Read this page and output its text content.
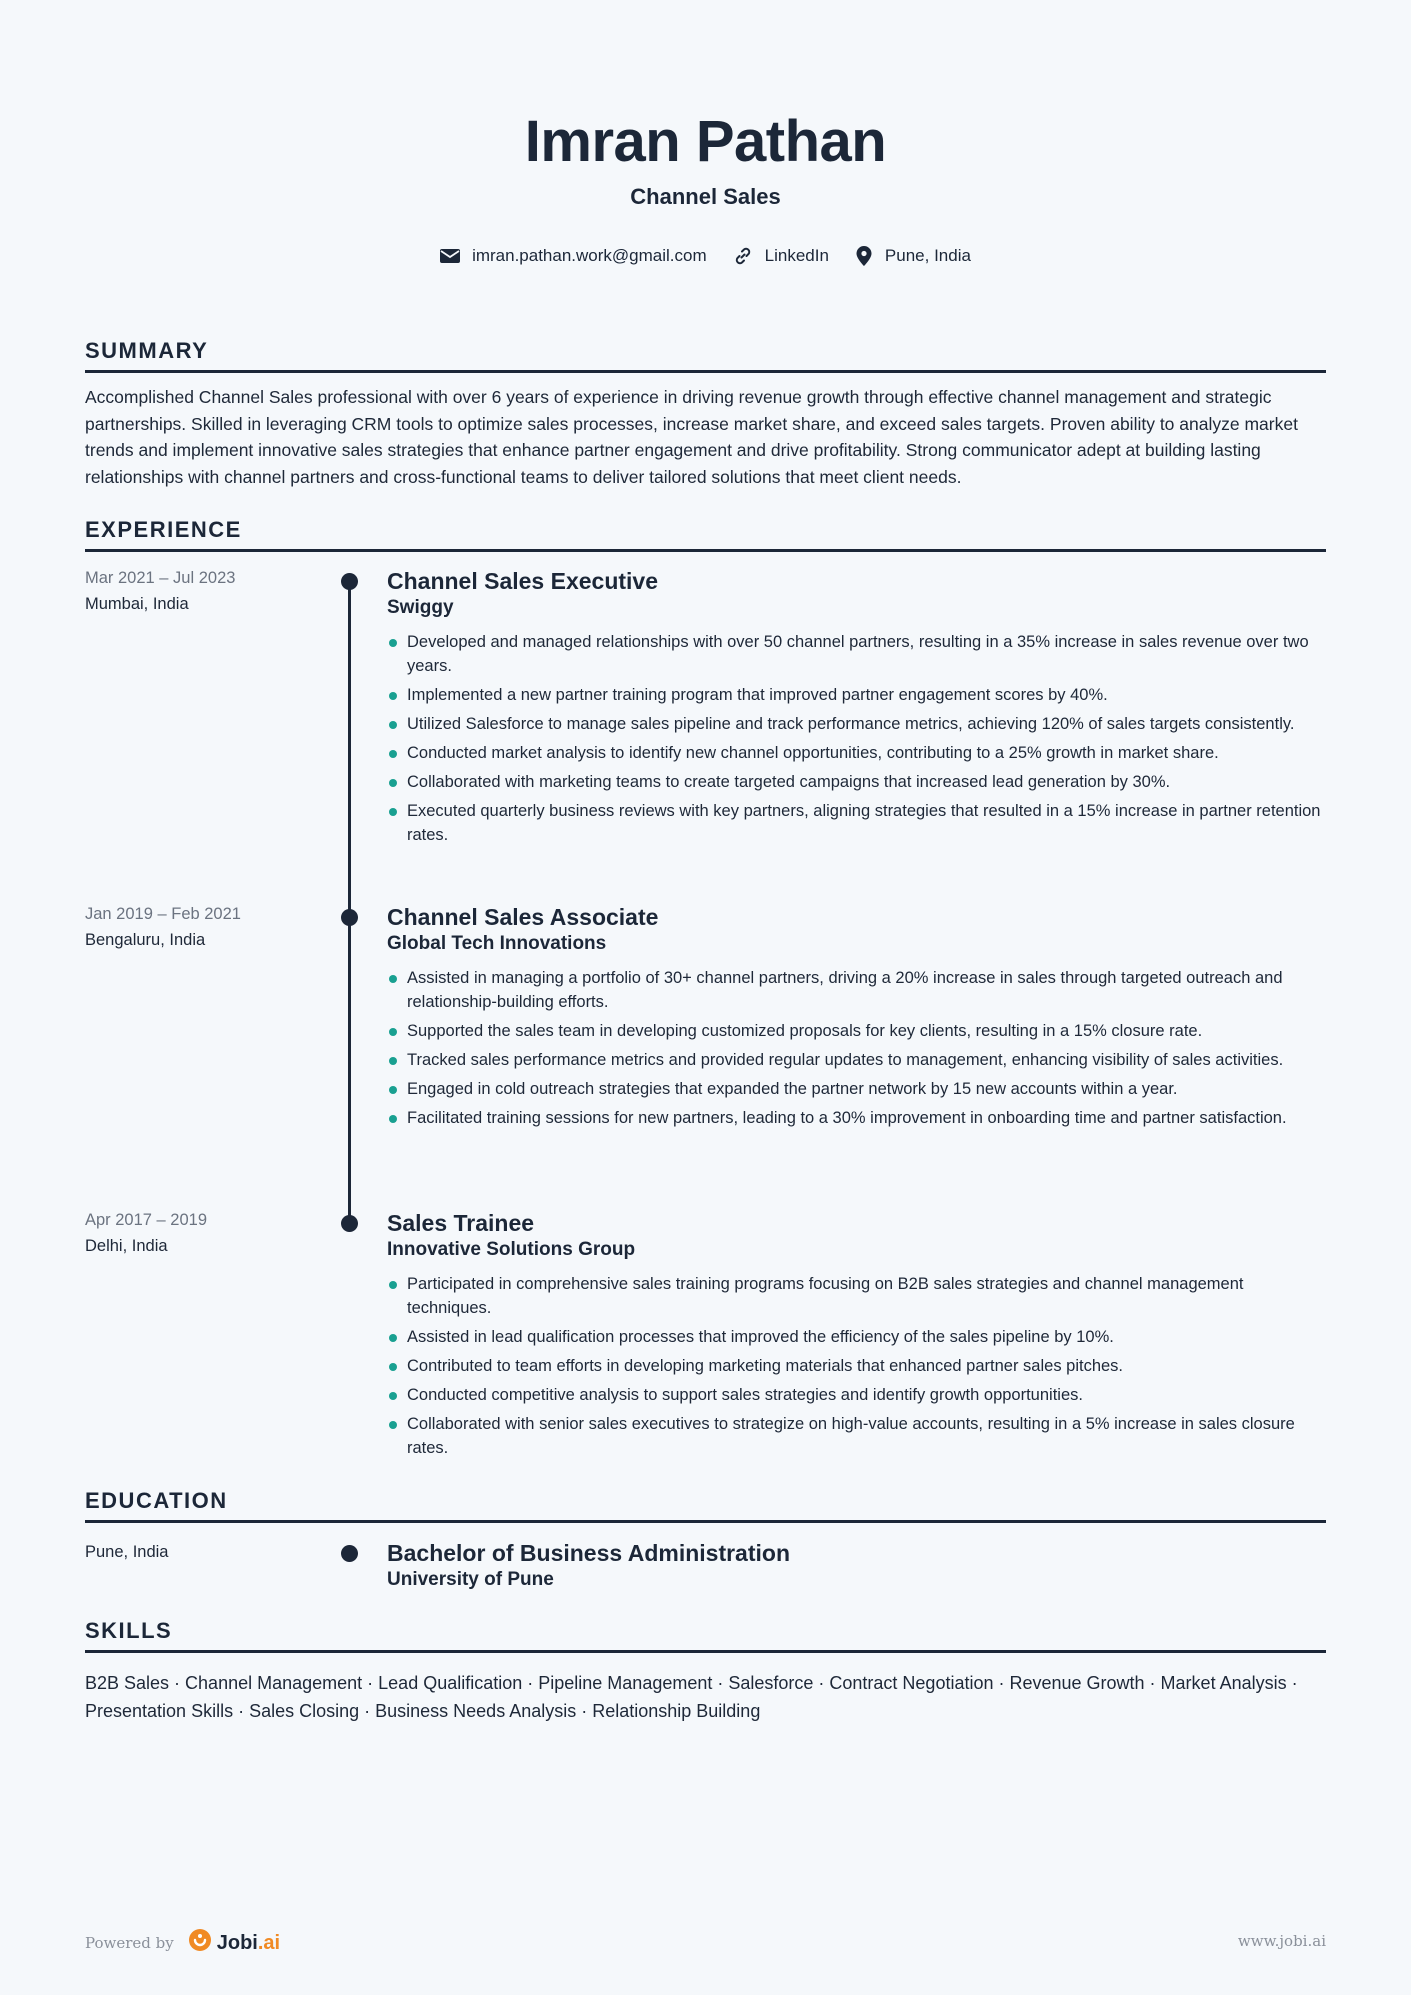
Imran Pathan
Channel Sales
imran.pathan.work@gmail.com	LinkedIn	Pune, India
SUMMARY
Accomplished Channel Sales professional with over 6 years of experience in driving revenue growth through effective channel management and strategic partnerships. Skilled in leveraging CRM tools to optimize sales processes, increase market share, and exceed sales targets. Proven ability to analyze market trends and implement innovative sales strategies that enhance partner engagement and drive profitability. Strong communicator adept at building lasting relationships with channel partners and cross-functional teams to deliver tailored solutions that meet client needs.
EXPERIENCE
Mar 2021 – Jul 2023
Mumbai, India
Channel Sales Executive
Swiggy
Developed and managed relationships with over 50 channel partners, resulting in a 35% increase in sales revenue over two years.
Implemented a new partner training program that improved partner engagement scores by 40%.
Utilized Salesforce to manage sales pipeline and track performance metrics, achieving 120% of sales targets consistently.
Conducted market analysis to identify new channel opportunities, contributing to a 25% growth in market share.
Collaborated with marketing teams to create targeted campaigns that increased lead generation by 30%.
Executed quarterly business reviews with key partners, aligning strategies that resulted in a 15% increase in partner retention rates.
Jan 2019 – Feb 2021
Bengaluru, India
Channel Sales Associate
Global Tech Innovations
Assisted in managing a portfolio of 30+ channel partners, driving a 20% increase in sales through targeted outreach and relationship-building efforts.
Supported the sales team in developing customized proposals for key clients, resulting in a 15% closure rate.
Tracked sales performance metrics and provided regular updates to management, enhancing visibility of sales activities.
Engaged in cold outreach strategies that expanded the partner network by 15 new accounts within a year.
Facilitated training sessions for new partners, leading to a 30% improvement in onboarding time and partner satisfaction.
Apr 2017 – 2019
Delhi, India
Sales Trainee
Innovative Solutions Group
Participated in comprehensive sales training programs focusing on B2B sales strategies and channel management techniques.
Assisted in lead qualification processes that improved the efficiency of the sales pipeline by 10%.
Contributed to team efforts in developing marketing materials that enhanced partner sales pitches.
Conducted competitive analysis to support sales strategies and identify growth opportunities.
Collaborated with senior sales executives to strategize on high-value accounts, resulting in a 5% increase in sales closure rates.
EDUCATION
Pune, India	Bachelor of Business Administration
University of Pune
SKILLS
B2B Sales · Channel Management · Lead Qualification · Pipeline Management · Salesforce · Contract Negotiation · Revenue Growth · Market Analysis · Presentation Skills · Sales Closing · Business Needs Analysis · Relationship Building
Powered by Jobi.ai	www.jobi.ai
